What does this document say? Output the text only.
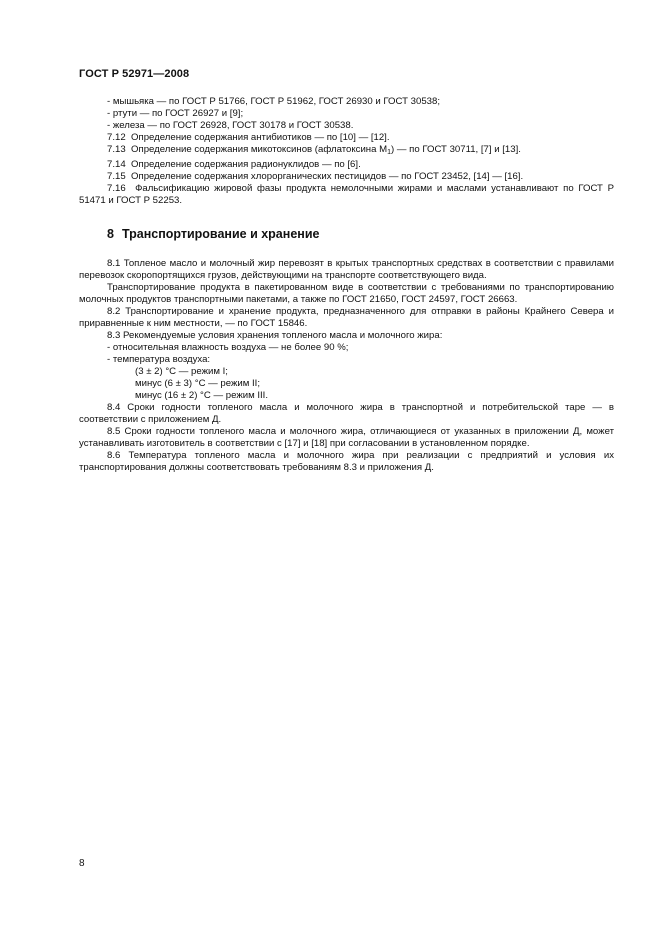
ГОСТ Р 52971—2008

- мышьяка — по ГОСТ Р 51766, ГОСТ Р 51962, ГОСТ 26930 и ГОСТ 30538;

- ртути — по ГОСТ 26927 и [9];

- железа — по ГОСТ 26928, ГОСТ 30178 и ГОСТ 30538.

7.12 Определение содержания антибиотиков — по [10] — [12].

7.13 Определение содержания микотоксинов (афлатоксина $М_1$) — по ГОСТ 30711, [7] и [13].

7.14 Определение содержания радионуклидов — по [6].

7.15 Определение содержания хлорорганических пестицидов — по ГОСТ 23452, [14] — [16].

7.16 Фальсификацию жировой фазы продукта немолочными жирами и маслами устанавливают по ГОСТ Р 51471 и ГОСТ Р 52253.

8 Транспортирование и хранение

8.1 Топленое масло и молочный жир перевозят в крытых транспортных средствах в соответствии с правилами перевозок скоропортящихся грузов, действующими на транспорте соответствующего вида.

Транспортирование продукта в пакетированном виде в соответствии с требованиями по транспортированию молочных продуктов транспортными пакетами, а также по ГОСТ 21650, ГОСТ 24597, ГОСТ 26663.

8.2 Транспортирование и хранение продукта, предназначенного для отправки в районы Крайнего Севера и приравненные к ним местности, — по ГОСТ 15846.

8.3 Рекомендуемые условия хранения топленого масла и молочного жира:

- относительная влажность воздуха — не более 90 %;

- температура воздуха:

(3 ± 2) °С — режим I;

минус (6 ± 3) °С — режим II;

минус (16 ± 2) °С — режим III.

8.4 Сроки годности топленого масла и молочного жира в транспортной и потребительской таре — в соответствии с приложением Д.

8.5 Сроки годности топленого масла и молочного жира, отличающиеся от указанных в приложении Д, может устанавливать изготовитель в соответствии с [17] и [18] при согласовании в установленном порядке.

8.6 Температура топленого масла и молочного жира при реализации с предприятий и условия их транспортирования должны соответствовать требованиям 8.3 и приложения Д.

8
